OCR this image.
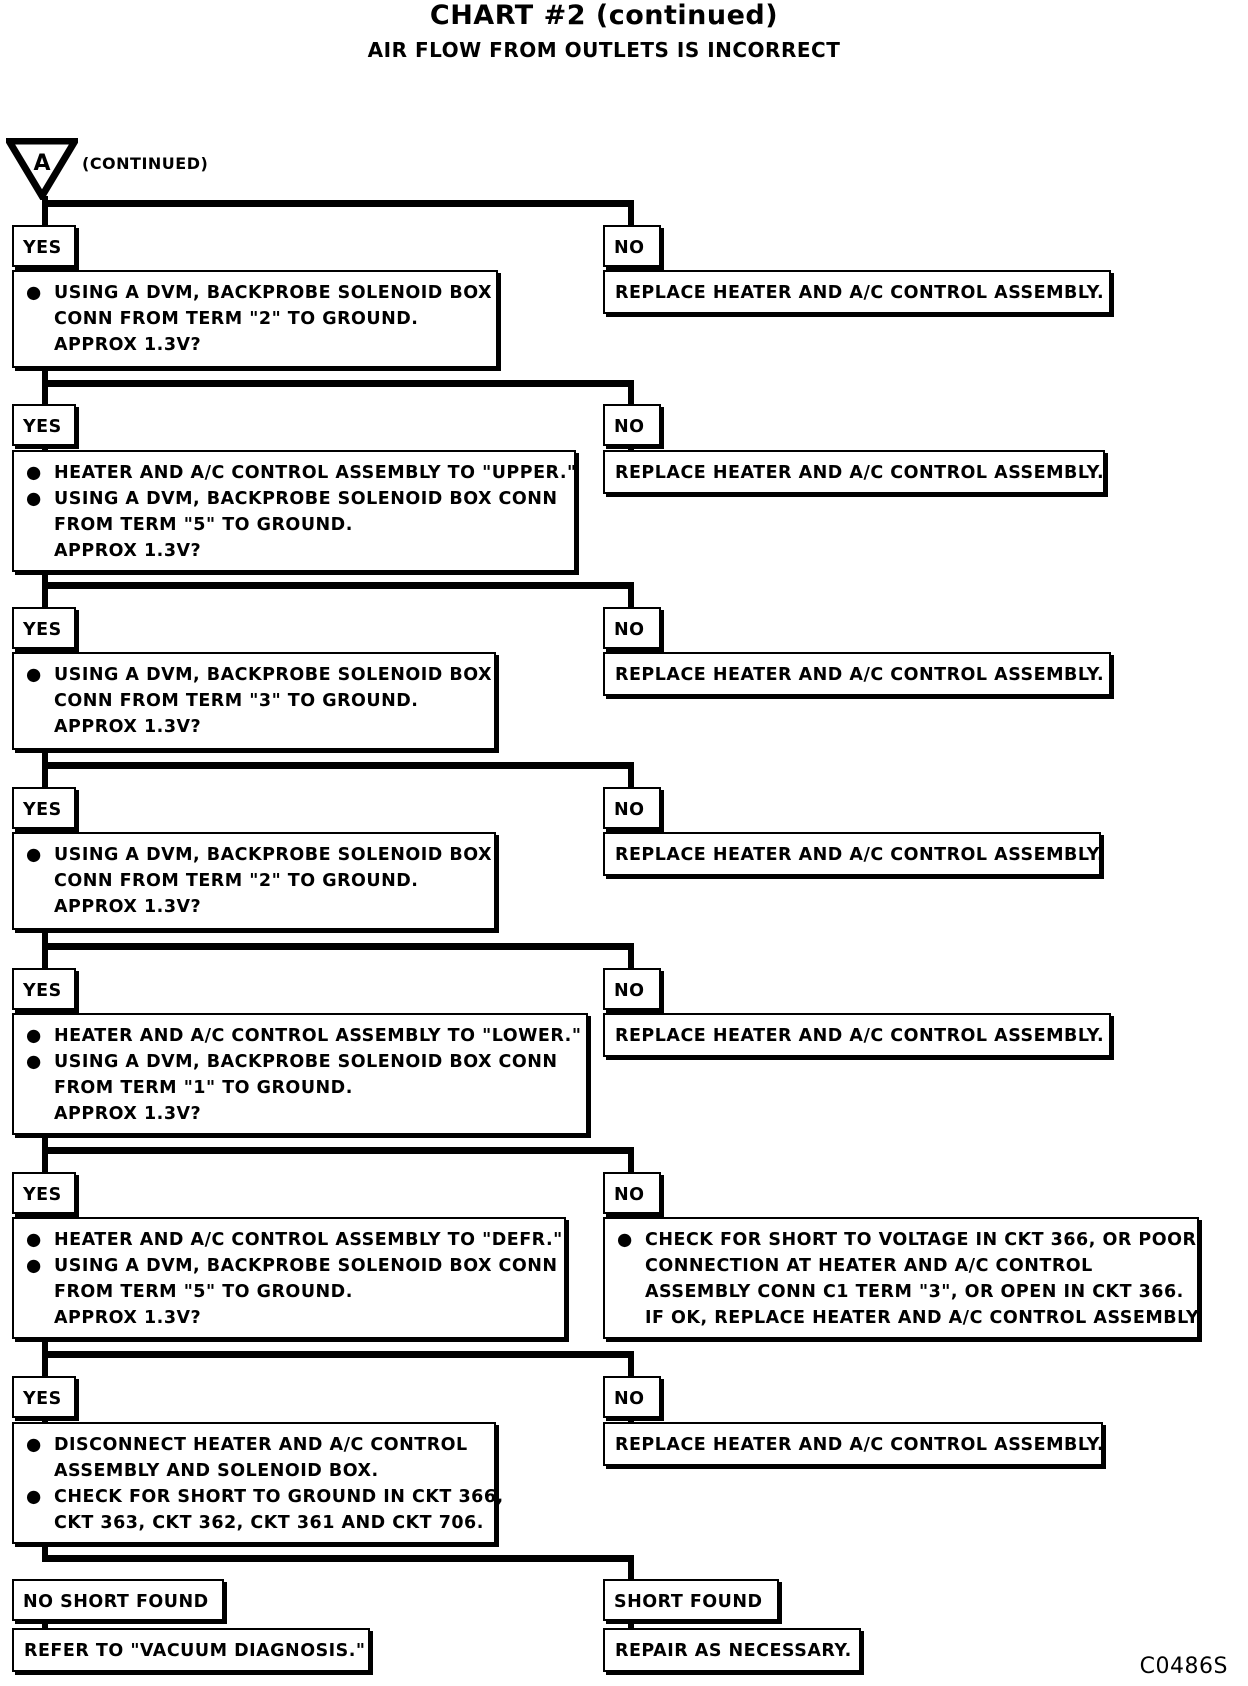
CHART #2 (continued)
AIR FLOW FROM OUTLETS IS INCORRECT
A (CONTINUED)
YES	NO
● USING A DVM, BACKPROBE SOLENOID BOX
CONN FROM TERM "2" TO GROUND.
APPROX 1.3V?
REPLACE HEATER AND A/C CONTROL ASSEMBLY.
YES	NO
● HEATER AND A/C CONTROL ASSEMBLY TO "UPPER."
● USING A DVM, BACKPROBE SOLENOID BOX CONN
FROM TERM "5" TO GROUND.
APPROX 1.3V?
REPLACE HEATER AND A/C CONTROL ASSEMBLY.
YES	NO
● USING A DVM, BACKPROBE SOLENOID BOX
CONN FROM TERM "3" TO GROUND.
APPROX 1.3V?
REPLACE HEATER AND A/C CONTROL ASSEMBLY.
YES	NO
● USING A DVM, BACKPROBE SOLENOID BOX
CONN FROM TERM "2" TO GROUND.
APPROX 1.3V?
REPLACE HEATER AND A/C CONTROL ASSEMBLY.
YES	NO
● HEATER AND A/C CONTROL ASSEMBLY TO "LOWER."
● USING A DVM, BACKPROBE SOLENOID BOX CONN
FROM TERM "1" TO GROUND.
APPROX 1.3V?
REPLACE HEATER AND A/C CONTROL ASSEMBLY.
YES	NO
● HEATER AND A/C CONTROL ASSEMBLY TO "DEFR."
● USING A DVM, BACKPROBE SOLENOID BOX CONN
FROM TERM "5" TO GROUND.
APPROX 1.3V?
● CHECK FOR SHORT TO VOLTAGE IN CKT 366, OR POOR
CONNECTION AT HEATER AND A/C CONTROL
ASSEMBLY CONN C1 TERM "3", OR OPEN IN CKT 366.
IF OK, REPLACE HEATER AND A/C CONTROL ASSEMBLY.
YES	NO
● DISCONNECT HEATER AND A/C CONTROL
ASSEMBLY AND SOLENOID BOX.
● CHECK FOR SHORT TO GROUND IN CKT 366,
CKT 363, CKT 362, CKT 361 AND CKT 706.
REPLACE HEATER AND A/C CONTROL ASSEMBLY.
NO SHORT FOUND	SHORT FOUND
REFER TO "VACUUM DIAGNOSIS."	REPAIR AS NECESSARY.
C0486S
